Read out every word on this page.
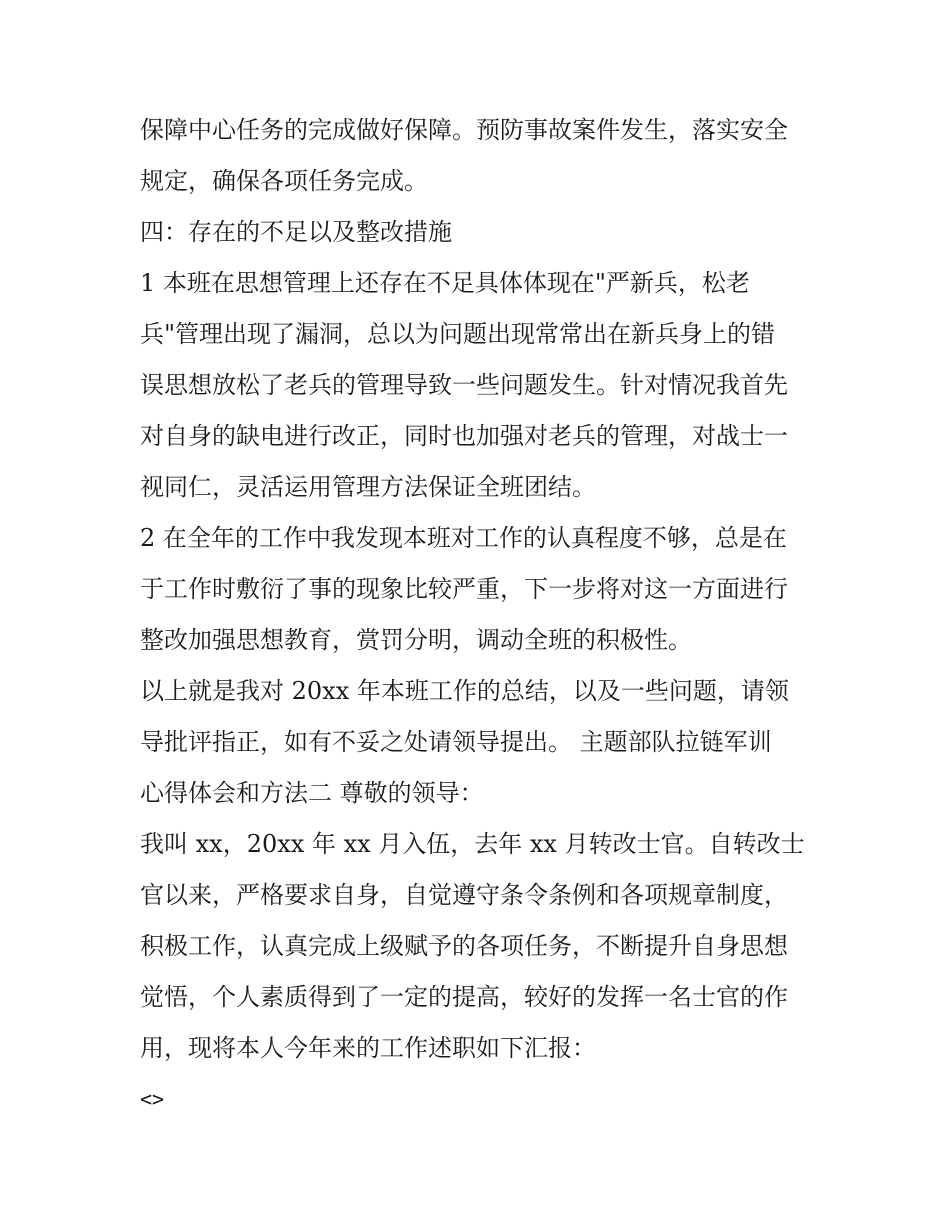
保障中心任务的完成做好保障。预防事故案件发生，落实安全
规定，确保各项任务完成。
四：存在的不足以及整改措施
1 本班在思想管理上还存在不足具体体现在"严新兵，松老
兵"管理出现了漏洞，总以为问题出现常常出在新兵身上的错
误思想放松了老兵的管理导致一些问题发生。针对情况我首先
对自身的缺电进行改正，同时也加强对老兵的管理，对战士一
视同仁，灵活运用管理方法保证全班团结。
2 在全年的工作中我发现本班对工作的认真程度不够，总是在
于工作时敷衍了事的现象比较严重，下一步将对这一方面进行
整改加强思想教育，赏罚分明，调动全班的积极性。
以上就是我对 20xx 年本班工作的总结，以及一些问题，请领
导批评指正，如有不妥之处请领导提出。 主题部队拉链军训
心得体会和方法二 尊敬的领导：
我叫 xx，20xx 年 xx 月入伍，去年 xx 月转改士官。自转改士
官以来，严格要求自身，自觉遵守条令条例和各项规章制度，
积极工作，认真完成上级赋予的各项任务，不断提升自身思想
觉悟，个人素质得到了一定的提高，较好的发挥一名士官的作
用，现将本人今年来的工作述职如下汇报：
<>
